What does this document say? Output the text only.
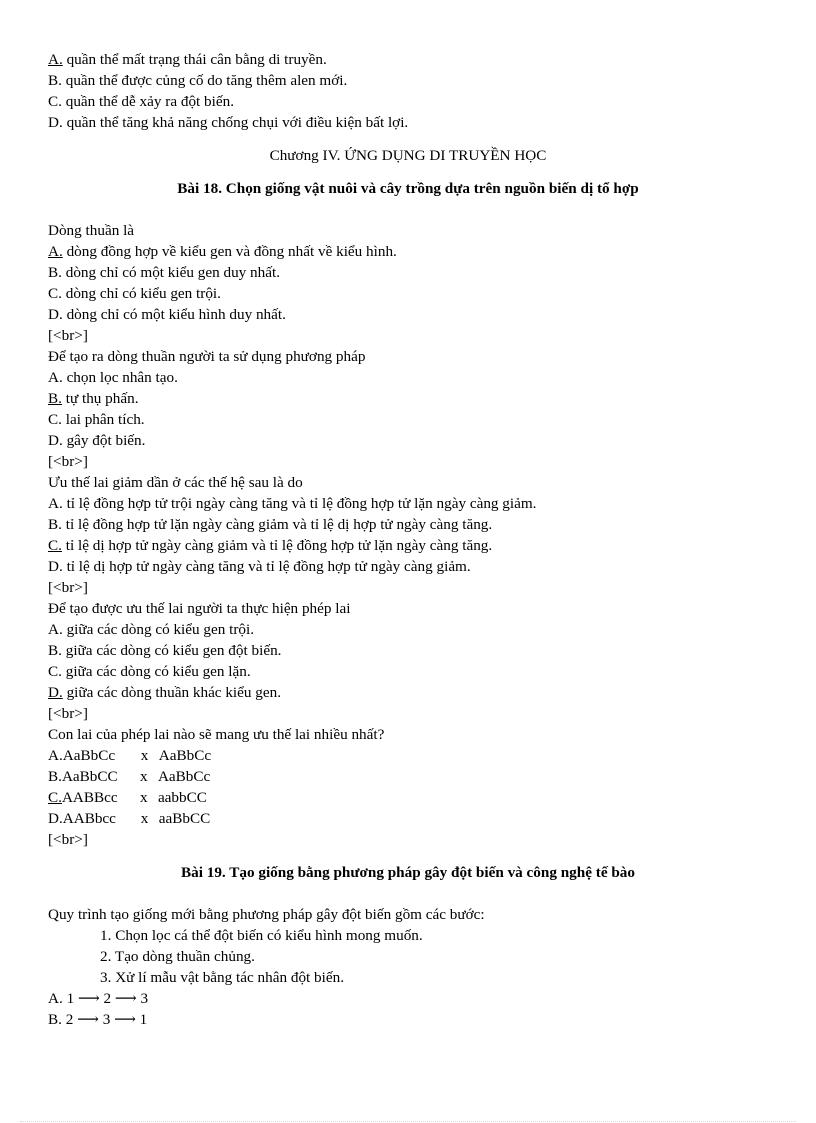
A. quần thể mất trạng thái cân bằng di truyền.
B. quần thể được củng cố do tăng thêm alen mới.
C. quần thể dễ xảy ra đột biến.
D. quần thể tăng khả năng chống chụi với điều kiện bất lợi.
Chương IV. ỨNG DỤNG DI TRUYỀN HỌC
Bài 18. Chọn giống vật nuôi và cây trồng dựa trên nguồn biến dị tổ hợp
Dòng thuần là
A. dòng đồng hợp về kiểu gen và đồng nhất về kiểu hình.
B. dòng chỉ có một kiểu gen duy nhất.
C. dòng chỉ có kiểu gen trội.
D. dòng chỉ có một kiểu hình duy nhất.
[<br>]
Để tạo ra dòng thuần người ta sử dụng phương pháp
A. chọn lọc nhân tạo.
B. tự thụ phấn.
C. lai phân tích.
D. gây đột biến.
[<br>]
Ưu thế lai giảm dần ở các thế hệ sau là do
A. tỉ lệ đồng hợp tử trội ngày càng tăng và tỉ lệ đồng hợp tử lặn ngày càng giảm.
B. tỉ lệ đồng hợp tử lặn ngày càng giảm và tỉ lệ dị hợp tử ngày càng tăng.
C. tỉ lệ dị hợp tử ngày càng giảm và tỉ lệ đồng hợp tử lặn ngày càng tăng.
D. tỉ lệ dị hợp tử ngày càng tăng và tỉ lệ đồng hợp tử ngày càng giảm.
[<br>]
Để tạo được ưu thế lai người ta thực hiện phép lai
A. giữa các dòng có kiểu gen trội.
B. giữa các dòng có kiểu gen đột biến.
C. giữa các dòng có kiểu gen lặn.
D. giữa các dòng thuần khác kiểu gen.
[<br>]
Con lai của phép lai nào sẽ mang ưu thế lai nhiều nhất?
A.AaBbCc x AaBbCc
B.AaBbCC x AaBbCc
C.AABBcc x aabbCC
D.AABbcc x aaBbCC
[<br>]
Bài 19. Tạo giống bằng phương pháp gây đột biến và công nghệ tế bào
Quy trình tạo giống mới bằng phương pháp gây đột biến gồm các bước:
1. Chọn lọc cá thể đột biến có kiểu hình mong muốn.
2. Tạo dòng thuần chủng.
3. Xử lí mẫu vật bằng tác nhân đột biến.
A. 1 ⟶ 2 ⟶ 3
B. 2 ⟶ 3 ⟶ 1
